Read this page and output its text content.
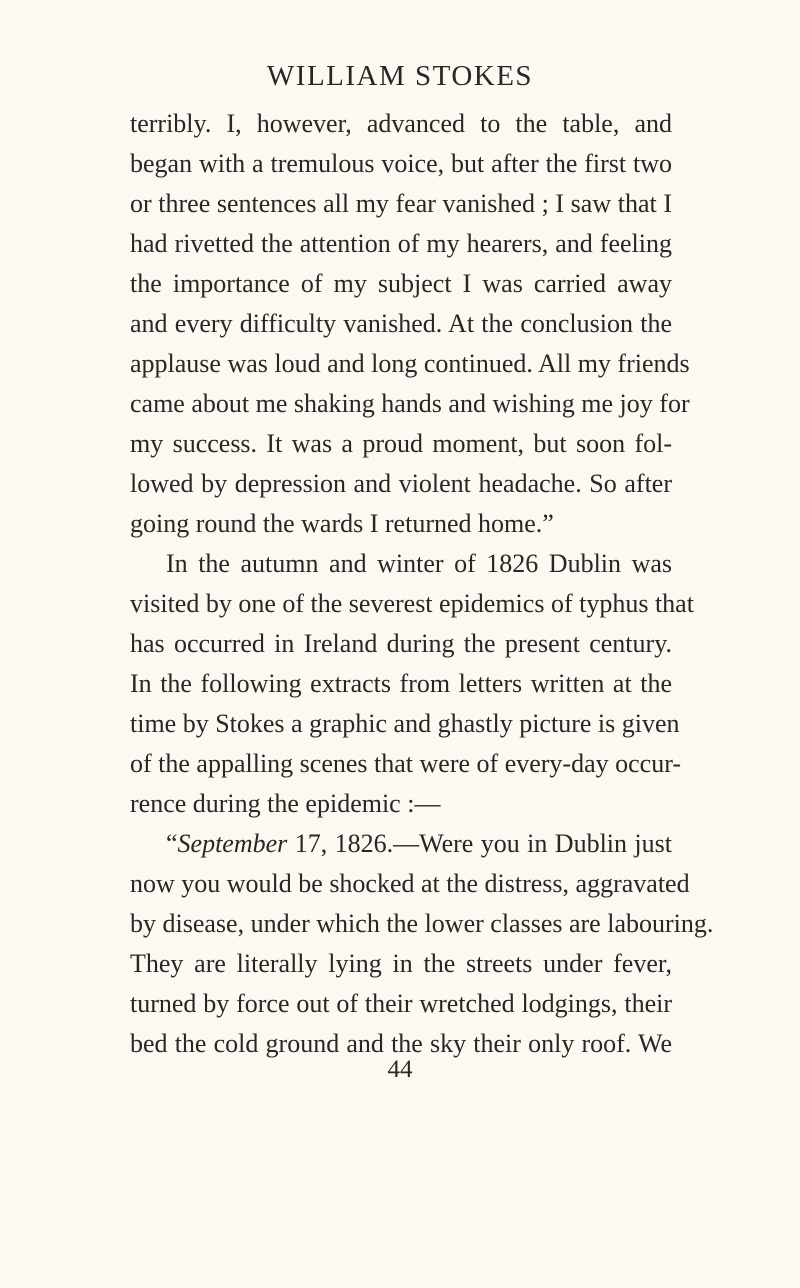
WILLIAM STOKES
terribly. I, however, advanced to the table, and
began with a tremulous voice, but after the first two
or three sentences all my fear vanished ; I saw that I
had rivetted the attention of my hearers, and feeling
the importance of my subject I was carried away
and every difficulty vanished. At the conclusion the
applause was loud and long continued. All my friends
came about me shaking hands and wishing me joy for
my success. It was a proud moment, but soon fol-
lowed by depression and violent headache. So after
going round the wards I returned home.”
In the autumn and winter of 1826 Dublin was
visited by one of the severest epidemics of typhus that
has occurred in Ireland during the present century.
In the following extracts from letters written at the
time by Stokes a graphic and ghastly picture is given
of the appalling scenes that were of every-day occur-
rence during the epidemic :—
“September 17, 1826.—Were you in Dublin just
now you would be shocked at the distress, aggravated
by disease, under which the lower classes are labouring.
They are literally lying in the streets under fever,
turned by force out of their wretched lodgings, their
bed the cold ground and the sky their only roof. We
44
